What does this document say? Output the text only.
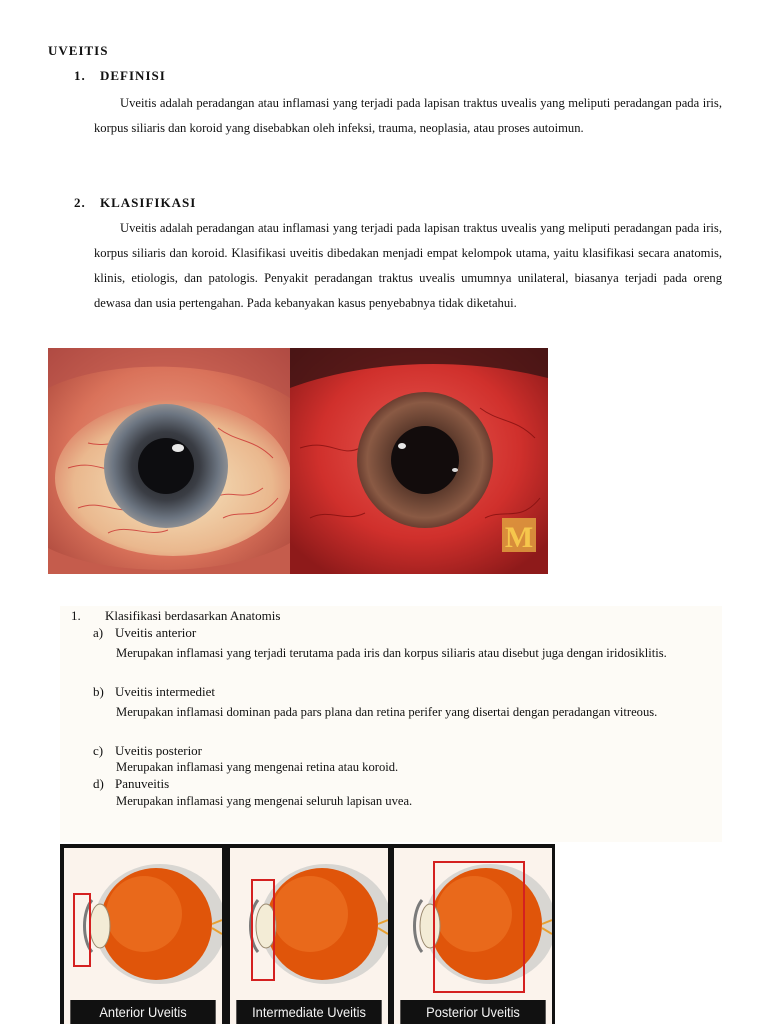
UVEITIS
1. DEFINISI
Uveitis adalah peradangan atau inflamasi yang terjadi pada lapisan traktus uvealis yang meliputi peradangan pada iris, korpus siliaris dan koroid yang disebabkan oleh infeksi, trauma, neoplasia, atau proses autoimun.
2. KLASIFIKASI
Uveitis adalah peradangan atau inflamasi yang terjadi pada lapisan traktus uvealis yang meliputi peradangan pada iris, korpus siliaris dan koroid. Klasifikasi uveitis dibedakan menjadi empat kelompok utama, yaitu klasifikasi secara anatomis, klinis, etiologis, dan patologis. Penyakit peradangan traktus uvealis umumnya unilateral, biasanya terjadi pada oreng dewasa dan usia pertengahan. Pada kebanyakan kasus penyebabnya tidak diketahui.
M
1. Klasifikasi berdasarkan Anatomis
a) Uveitis anterior
Merupakan inflamasi yang terjadi terutama pada iris dan korpus siliaris atau disebut juga dengan iridosiklitis.
b) Uveitis intermediet
Merupakan inflamasi dominan pada pars plana dan retina perifer yang disertai dengan peradangan vitreous.
c) Uveitis posterior
Merupakan inflamasi yang mengenai retina atau koroid.
d) Panuveitis
Merupakan inflamasi yang mengenai seluruh lapisan uvea.
Anterior Uveitis	Intermediate Uveitis	Posterior Uveitis
